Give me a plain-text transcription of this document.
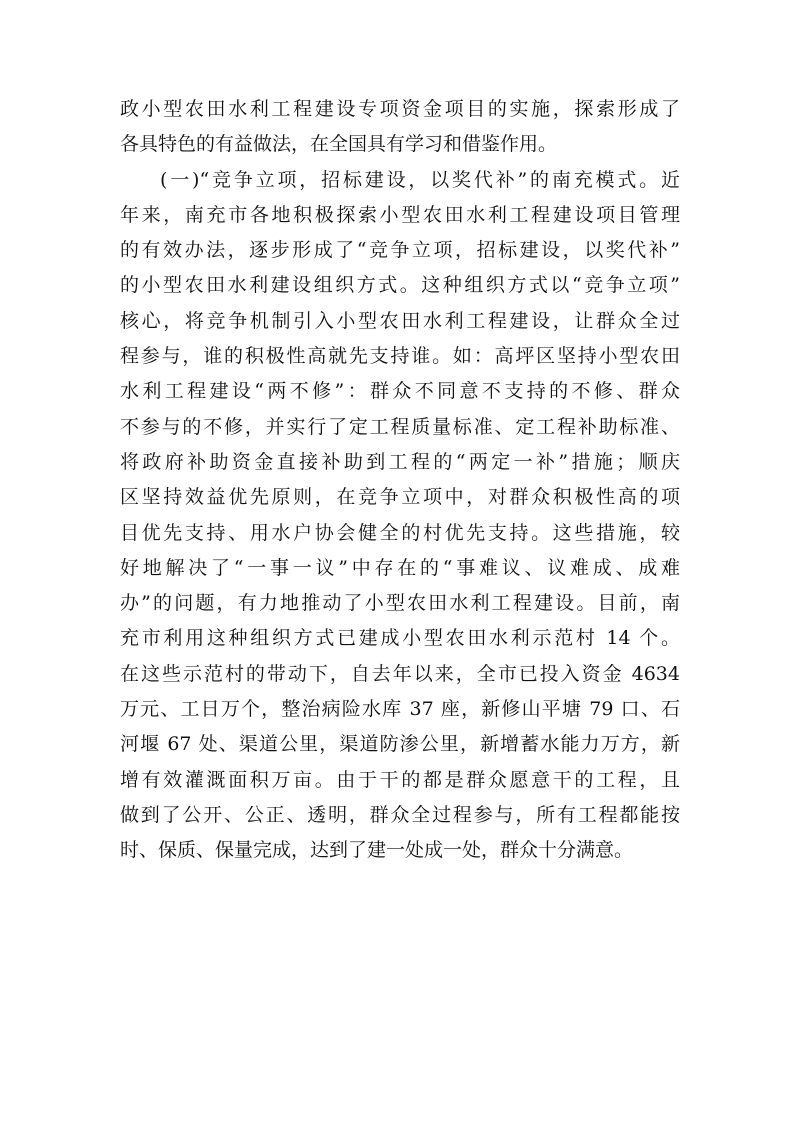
政小型农田水利工程建设专项资金项目的实施，探索形成了
各具特色的有益做法，在全国具有学习和借鉴作用。
(一)“竞争立项，招标建设，以奖代补”的南充模式。近
年来，南充市各地积极探索小型农田水利工程建设项目管理
的有效办法，逐步形成了“竞争立项，招标建设，以奖代补”
的小型农田水利建设组织方式。这种组织方式以“竞争立项”
核心，将竞争机制引入小型农田水利工程建设，让群众全过
程参与，谁的积极性高就先支持谁。如：高坪区坚持小型农田
水利工程建设“两不修”：群众不同意不支持的不修、群众
不参与的不修，并实行了定工程质量标准、定工程补助标准、
将政府补助资金直接补助到工程的“两定一补”措施；顺庆
区坚持效益优先原则，在竞争立项中，对群众积极性高的项
目优先支持、用水户协会健全的村优先支持。这些措施，较
好地解决了“一事一议”中存在的“事难议、议难成、成难
办”的问题，有力地推动了小型农田水利工程建设。目前，南
充市利用这种组织方式已建成小型农田水利示范村 14 个。
在这些示范村的带动下，自去年以来，全市已投入资金 4634
万元、工日万个，整治病险水库 37 座，新修山平塘 79 口、石
河堰 67 处、渠道公里，渠道防渗公里，新增蓄水能力万方，新
增有效灌溉面积万亩。由于干的都是群众愿意干的工程，且
做到了公开、公正、透明，群众全过程参与，所有工程都能按
时、保质、保量完成，达到了建一处成一处，群众十分满意。
